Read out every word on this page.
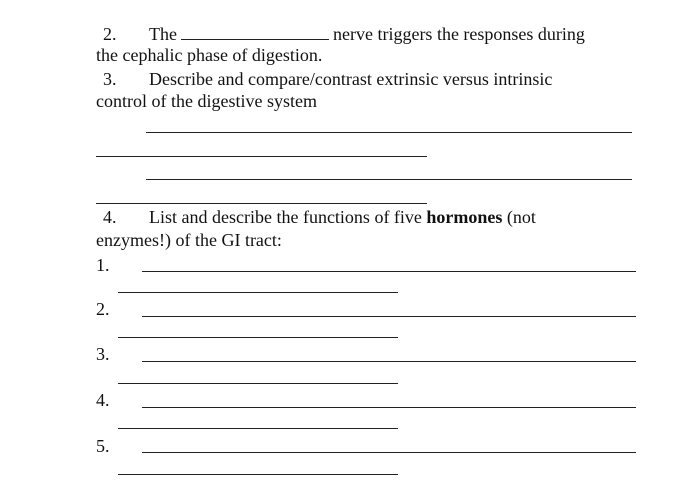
2. The	nerve triggers the responses during
the cephalic phase of digestion.
3. Describe and compare/contrast extrinsic versus intrinsic
control of the digestive system
4. List and describe the functions of five hormones (not
enzymes!) of the GI tract:
1.
2.
3.
4.
5.
